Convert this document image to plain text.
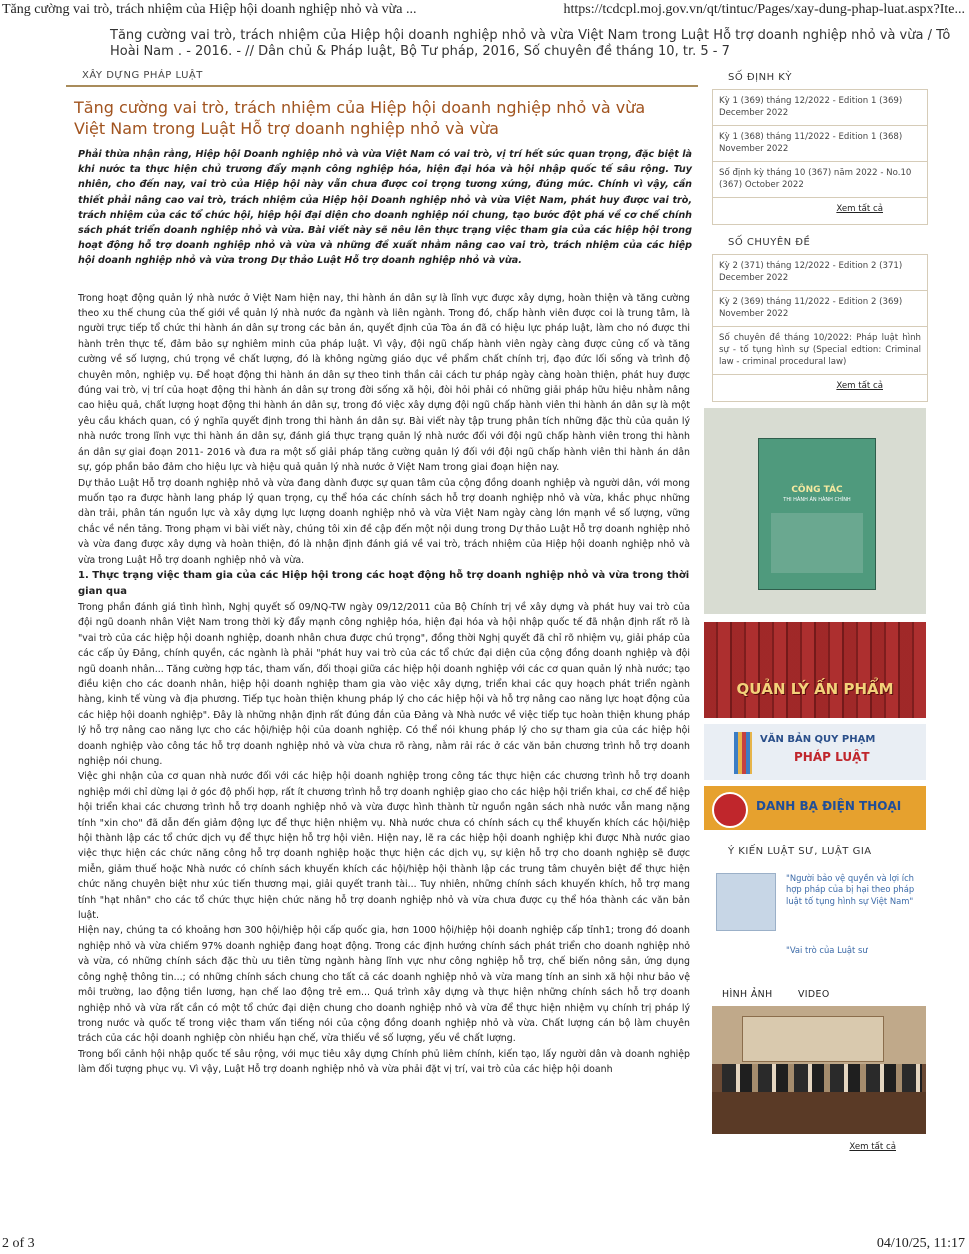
Tăng cường vai trò, trách nhiệm của Hiệp hội doanh nghiệp nhỏ và vừa ...	https://tcdcpl.moj.gov.vn/qt/tintuc/Pages/xay-dung-phap-luat.aspx?Ite...
Tăng cường vai trò, trách nhiệm của Hiệp hội doanh nghiệp nhỏ và vừa Việt Nam trong Luật Hỗ trợ doanh nghiệp nhỏ và vừa / Tô Hoài Nam . - 2016. - // Dân chủ & Pháp luật, Bộ Tư pháp, 2016, Số chuyên đề tháng 10, tr. 5 - 7
XÂY DỰNG PHÁP LUẬT
Tăng cường vai trò, trách nhiệm của Hiệp hội doanh nghiệp nhỏ và vừa Việt Nam trong Luật Hỗ trợ doanh nghiệp nhỏ và vừa

Phải thừa nhận rằng, Hiệp hội Doanh nghiệp nhỏ và vừa Việt Nam có vai trò, vị trí hết sức quan trọng, đặc biệt là khi nước ta thực hiện chủ trương đẩy mạnh công nghiệp hóa, hiện đại hóa và hội nhập quốc tế sâu rộng. Tuy nhiên, cho đến nay, vai trò của Hiệp hội này vẫn chưa được coi trọng tương xứng, đúng mức. Chính vì vậy, cần thiết phải nâng cao vai trò, trách nhiệm của Hiệp hội Doanh nghiệp nhỏ và vừa Việt Nam, phát huy được vai trò, trách nhiệm của các tổ chức hội, hiệp hội đại diện cho doanh nghiệp nói chung, tạo bước đột phá về cơ chế chính sách phát triển doanh nghiệp nhỏ và vừa. Bài viết này sẽ nêu lên thực trạng việc tham gia của các hiệp hội trong hoạt động hỗ trợ doanh nghiệp nhỏ và vừa và những đề xuất nhằm nâng cao vai trò, trách nhiệm của các hiệp hội doanh nghiệp nhỏ và vừa trong Dự thảo Luật Hỗ trợ doanh nghiệp nhỏ và vừa.

Trong hoạt động quản lý nhà nước ở Việt Nam hiện nay, thi hành án dân sự là lĩnh vực được xây dựng, hoàn thiện và tăng cường theo xu thế chung của thế giới về quản lý nhà nước đa ngành và liên ngành. Trong đó, chấp hành viên được coi là trung tâm, là người trực tiếp tổ chức thi hành án dân sự trong các bản án, quyết định của Tòa án đã có hiệu lực pháp luật, làm cho nó được thi hành trên thực tế, đảm bảo sự nghiêm minh của pháp luật. Vì vậy, đội ngũ chấp hành viên ngày càng được củng cố và tăng cường về số lượng, chú trọng về chất lượng, đó là không ngừng giáo dục về phẩm chất chính trị, đạo đức lối sống và trình độ chuyên môn, nghiệp vụ. Để hoạt động thi hành án dân sự theo tinh thần cải cách tư pháp ngày càng hoàn thiện, phát huy được đúng vai trò, vị trí của hoạt động thi hành án dân sự trong đời sống xã hội, đòi hỏi phải có những giải pháp hữu hiệu nhằm nâng cao hiệu quả, chất lượng hoạt động thi hành án dân sự, trong đó việc xây dựng đội ngũ chấp hành viên thi hành án dân sự là một yêu cầu khách quan, có ý nghĩa quyết định trong thi hành án dân sự. Bài viết này tập trung phân tích những đặc thù của quản lý nhà nước trong lĩnh vực thi hành án dân sự, đánh giá thực trạng quản lý nhà nước đối với đội ngũ chấp hành viên trong thi hành án dân sự giai đoạn 2011- 2016 và đưa ra một số giải pháp tăng cường quản lý đối với đội ngũ chấp hành viên thi hành án dân sự, góp phần bảo đảm cho hiệu lực và hiệu quả quản lý nhà nước ở Việt Nam trong giai đoạn hiện nay.

Dự thảo Luật Hỗ trợ doanh nghiệp nhỏ và vừa đang dành được sự quan tâm của cộng đồng doanh nghiệp và người dân, với mong muốn tạo ra được hành lang pháp lý quan trọng, cụ thể hóa các chính sách hỗ trợ doanh nghiệp nhỏ và vừa, khắc phục những dàn trải, phân tán nguồn lực và xây dựng lực lượng doanh nghiệp nhỏ và vừa Việt Nam ngày càng lớn mạnh về số lượng, vững chắc về nền tảng. Trong phạm vi bài viết này, chúng tôi xin đề cập đến một nội dung trong Dự thảo Luật Hỗ trợ doanh nghiệp nhỏ và vừa đang được xây dựng và hoàn thiện, đó là nhận định đánh giá về vai trò, trách nhiệm của Hiệp hội doanh nghiệp nhỏ và vừa trong Luật Hỗ trợ doanh nghiệp nhỏ và vừa.

1. Thực trạng việc tham gia của các Hiệp hội trong các hoạt động hỗ trợ doanh nghiệp nhỏ và vừa trong thời gian qua

Trong phần đánh giá tình hình, Nghị quyết số 09/NQ-TW ngày 09/12/2011 của Bộ Chính trị về xây dựng và phát huy vai trò của đội ngũ doanh nhân Việt Nam trong thời kỳ đẩy mạnh công nghiệp hóa, hiện đại hóa và hội nhập quốc tế đã nhận định rất rõ là "vai trò của các hiệp hội doanh nghiệp, doanh nhân chưa được chú trọng", đồng thời Nghị quyết đã chỉ rõ nhiệm vụ, giải pháp của các cấp ủy Đảng, chính quyền, các ngành là phải "phát huy vai trò của các tổ chức đại diện của cộng đồng doanh nghiệp và đội ngũ doanh nhân... Tăng cường hợp tác, tham vấn, đối thoại giữa các hiệp hội doanh nghiệp với các cơ quan quản lý nhà nước; tạo điều kiện cho các doanh nhân, hiệp hội doanh nghiệp tham gia vào việc xây dựng, triển khai các quy hoạch phát triển ngành hàng, kinh tế vùng và địa phương. Tiếp tục hoàn thiện khung pháp lý cho các hiệp hội và hỗ trợ nâng cao năng lực hoạt động của các hiệp hội doanh nghiệp". Đây là những nhận định rất đúng đắn của Đảng và Nhà nước về việc tiếp tục hoàn thiện khung pháp lý hỗ trợ nâng cao năng lực cho các hội/hiệp hội của doanh nghiệp. Có thể nói khung pháp lý cho sự tham gia của các hiệp hội doanh nghiệp vào công tác hỗ trợ doanh nghiệp nhỏ và vừa chưa rõ ràng, nằm rải rác ở các văn bản chương trình hỗ trợ doanh nghiệp nói chung.

Việc ghi nhận của cơ quan nhà nước đối với các hiệp hội doanh nghiệp trong công tác thực hiện các chương trình hỗ trợ doanh nghiệp mới chỉ dừng lại ở góc độ phối hợp, rất ít chương trình hỗ trợ doanh nghiệp giao cho các hiệp hội triển khai, cơ chế để hiệp hội triển khai các chương trình hỗ trợ doanh nghiệp nhỏ và vừa được hình thành từ nguồn ngân sách nhà nước vẫn mang nặng tính "xin cho" đã dẫn đến giảm động lực để thực hiện nhiệm vụ. Nhà nước chưa có chính sách cụ thể khuyến khích các hội/hiệp hội thành lập các tổ chức dịch vụ để thực hiện hỗ trợ hội viên. Hiện nay, lẽ ra các hiệp hội doanh nghiệp khi được Nhà nước giao việc thực hiện các chức năng công hỗ trợ doanh nghiệp hoặc thực hiện các dịch vụ, sự kiện hỗ trợ cho doanh nghiệp sẽ được miễn, giảm thuế hoặc Nhà nước có chính sách khuyến khích các hội/hiệp hội thành lập các trung tâm chuyên biệt để thực hiện chức năng chuyên biệt như xúc tiến thương mại, giải quyết tranh tài... Tuy nhiên, những chính sách khuyến khích, hỗ trợ mang tính "hạt nhân" cho các tổ chức thực hiện chức năng hỗ trợ doanh nghiệp nhỏ và vừa chưa được cụ thể hóa thành các văn bản luật.

Hiện nay, chúng ta có khoảng hơn 300 hội/hiệp hội cấp quốc gia, hơn 1000 hội/hiệp hội doanh nghiệp cấp tỉnh1; trong đó doanh nghiệp nhỏ và vừa chiếm 97% doanh nghiệp đang hoạt động. Trong các định hướng chính sách phát triển cho doanh nghiệp nhỏ và vừa, có những chính sách đặc thù ưu tiên từng ngành hàng lĩnh vực như công nghiệp hỗ trợ, chế biến nông sản, ứng dụng công nghệ thông tin...; có những chính sách chung cho tất cả các doanh nghiệp nhỏ và vừa mang tính an sinh xã hội như bảo vệ môi trường, lao động tiền lương, hạn chế lao động trẻ em... Quá trình xây dựng và thực hiện những chính sách hỗ trợ doanh nghiệp nhỏ và vừa rất cần có một tổ chức đại diện chung cho doanh nghiệp nhỏ và vừa để thực hiện nhiệm vụ chính trị pháp lý trong nước và quốc tế trong việc tham vấn tiếng nói của cộng đồng doanh nghiệp nhỏ và vừa. Chất lượng cán bộ làm chuyên trách của các hội doanh nghiệp còn nhiều hạn chế, vừa thiếu về số lượng, yếu về chất lượng.

Trong bối cảnh hội nhập quốc tế sâu rộng, với mục tiêu xây dựng Chính phủ liêm chính, kiến tạo, lấy người dân và doanh nghiệp làm đối tượng phục vụ. Vì vậy, Luật Hỗ trợ doanh nghiệp nhỏ và vừa phải đặt vị trí, vai trò của các hiệp hội doanh

SỐ ĐỊNH KỲ
Kỳ 1 (369) tháng 12/2022 - Edition 1 (369) December 2022
Kỳ 1 (368) tháng 11/2022 - Edition 1 (368) November 2022
Số định kỳ tháng 10 (367) năm 2022 - No.10 (367) October 2022
Xem tất cả
SỐ CHUYÊN ĐỀ
Kỳ 2 (371) tháng 12/2022 - Edition 2 (371) December 2022
Kỳ 2 (369) tháng 11/2022 - Edition 2 (369) November 2022
Số chuyên đề tháng 10/2022: Pháp luật hình sự - tố tụng hình sự (Special edtion: Criminal law - criminal procedural law)
Xem tất cả
CÔNG TÁC
THI HÀNH ÁN HÀNH CHÍNH
QUẢN LÝ ẤN PHẨM
VĂN BẢN QUY PHẠM
PHÁP LUẬT
DANH BẠ ĐIỆN THOẠI
Ý KIẾN LUẬT SƯ, LUẬT GIA
"Người bảo vệ quyền và lợi ích hợp pháp của bị hại theo pháp luật tố tụng hình sự Việt Nam"
"Vai trò của Luật sư
HÌNH ẢNH	VIDEO
Xem tất cả
2 of 3	04/10/25, 11:17
